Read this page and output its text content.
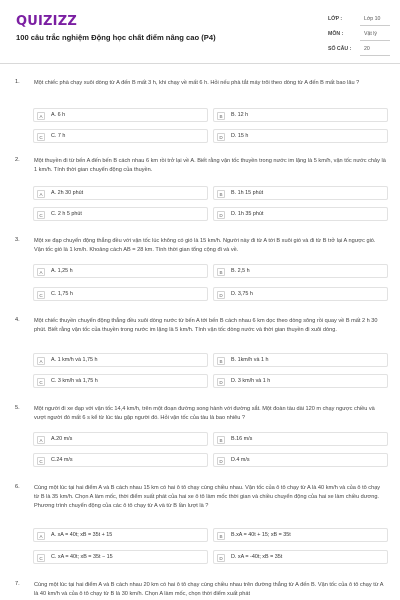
QUIZIZZ
100 câu trắc nghiệm Động học chất điểm nâng cao (P4)
LỚP :	Lớp 10
MÔN :	Vật lý
SỐ CÂU : 20
1.	Một chiếc phà chạy xuôi dòng từ A đến B mất 3 h, khi chạy về mất 6 h. Hỏi nếu phà tắt máy trôi theo dòng từ A đến B mất bao lâu ?
A	A. 6 h	B	B. 12 h
C	C. 7 h	D	D. 15 h
2.	Một thuyền đi từ bến A đến bến B cách nhau 6 km rồi trở lại về A. Biết rằng vận tốc thuyền trong nước im lặng là 5 km/h, vận tốc nước chảy là 1 km/h. Tính thời gian chuyển động của thuyền.
A	A. 2h 30 phút	B	B. 1h 15 phút
C	C. 2 h 5 phút	D	D. 1h 35 phút
3.	Một xe đạp chuyển động thẳng đều với vận tốc lúc không có gió là 15 km/h. Người này đi từ A tới B xuôi gió và đi từ B trở lại A ngược gió. Vận tốc gió là 1 km/h. Khoảng cách AB = 28 km. Tính thời gian tổng cộng đi và về.
A	A. 1,25 h	B	B. 2,5 h
C	C. 1,75 h	D	D. 3,75 h
4.	Một chiếc thuyền chuyển động thẳng đều xuôi dòng nước từ bến A tới bến B cách nhau 6 km dọc theo dòng sông rồi quay về B mất 2 h 30 phút. Biết rằng vận tốc của thuyền trong nước im lặng là 5 km/h. Tính vận tốc dòng nước và thời gian thuyền đi xuôi dòng.
A	A. 1 km/h và 1,75 h	B	B. 1km/h và 1 h
C	C. 3 km/h và 1,75 h	D	D. 3 km/h và 1 h
5.	Một người đi xe đạp với vận tốc 14,4 km/h, trên một đoạn đường song hành với đường sắt. Một đoàn tàu dài 120 m chạy ngược chiều và vượt người đó mất 6 s kể từ lúc tàu gặp người đó. Hỏi vận tốc của tàu là bao nhiêu ?
A	A.20 m/s	B	B.16 m/s
C	C.24 m/s	D	D.4 m/s
6.	Cùng một lúc tại hai điểm A và B cách nhau 15 km có hai ô tô chạy cùng chiều nhau. Vận tốc của ô tô chạy từ A là 40 km/h và của ô tô chạy từ B là 35 km/h. Chọn A làm mốc, thời điểm xuất phát của hai xe ô tô làm mốc thời gian và chiều chuyển động của hai xe làm chiều dương. Phương trình chuyển động của các ô tô chạy từ A và từ B lần lượt là ?
A	A. xA = 40t; xB = 35t + 15	B	B.xA = 40t + 15; xB = 35t
C	C. xA = 40t; xB = 35t − 15	D	D. xA = -40t; xB = 35t
7.	Cùng một lúc tại hai điểm A và B cách nhau 20 km có hai ô tô chạy cùng chiều nhau trên đường thẳng từ A đến B. Vận tốc của ô tô chạy từ A là 40 km/h và của ô tô chạy từ B là 30 km/h. Chọn A làm mốc, chọn thời điểm xuất phát
